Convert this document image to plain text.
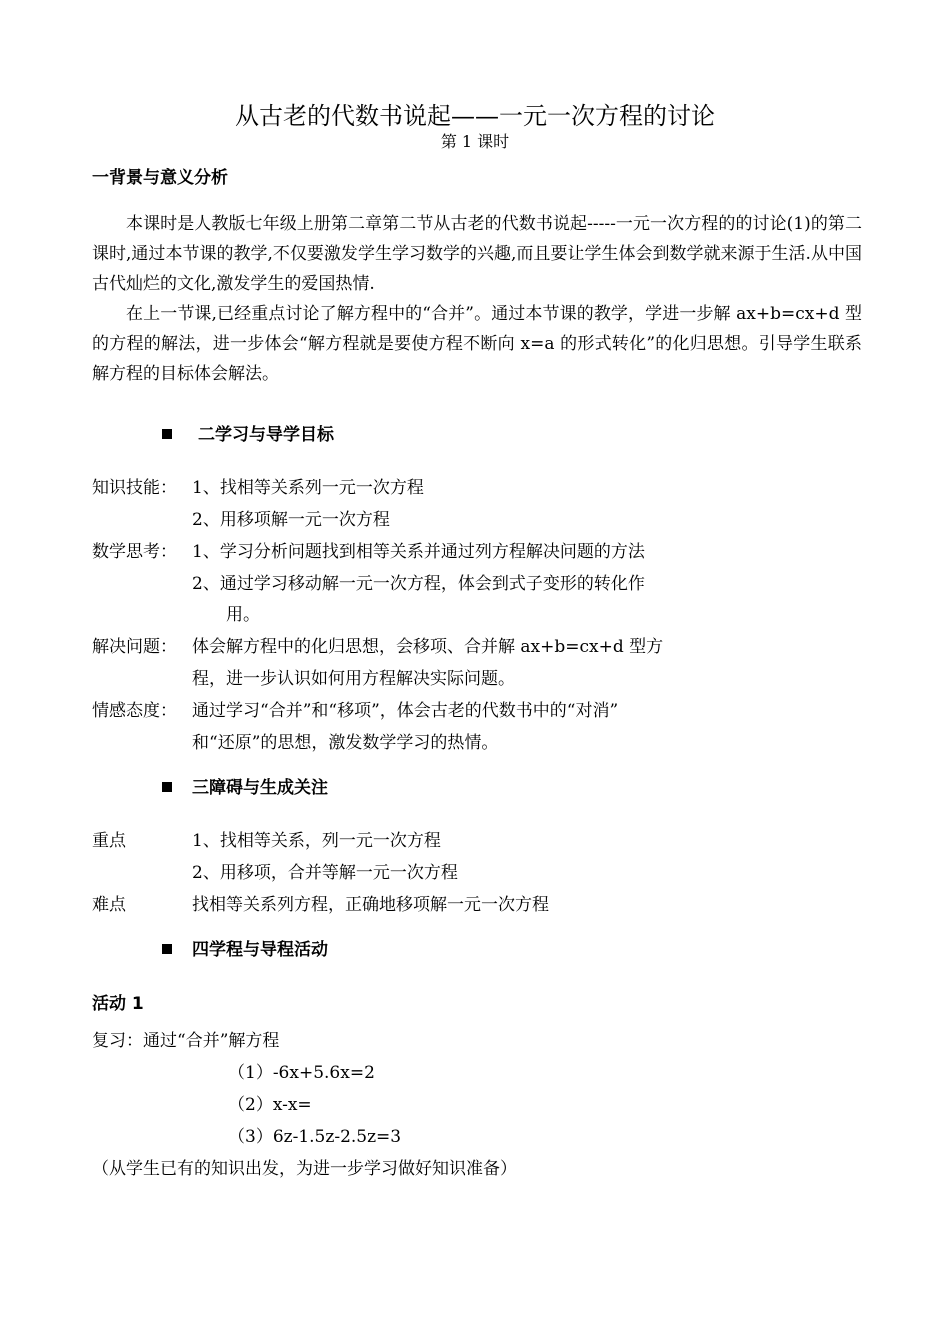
从古老的代数书说起——一元一次方程的讨论
第 1 课时
一背景与意义分析

本课时是人教版七年级上册第二章第二节从古老的代数书说起-----一元一次方程的的讨论(1)的第二课时,通过本节课的教学,不仅要激发学生学习数学的兴趣,而且要让学生体会到数学就来源于生活.从中国古代灿烂的文化,激发学生的爱国热情.

在上一节课,已经重点讨论了解方程中的“合并”。通过本节课的教学，学进一步解 ax+b=cx+d 型的方程的解法，进一步体会“解方程就是要使方程不断向 x=a 的形式转化”的化归思想。引导学生联系解方程的目标体会解法。

二学习与导学目标
知识技能： 1、找相等关系列一元一次方程
2、用移项解一元一次方程
数学思考： 1、学习分析问题找到相等关系并通过列方程解决问题的方法
2、通过学习移动解一元一次方程，体会到式子变形的转化作
用。
解决问题： 体会解方程中的化归思想，会移项、合并解 ax+b=cx+d 型方
程，进一步认识如何用方程解决实际问题。
情感态度： 通过学习“合并”和“移项”，体会古老的代数书中的“对消”
和“还原”的思想，激发数学学习的热情。
三障碍与生成关注
重点	1、找相等关系，列一元一次方程
2、用移项，合并等解一元一次方程
难点	找相等关系列方程，正确地移项解一元一次方程
四学程与导程活动
活动 1
复习：通过“合并”解方程
（1）-6x+5.6x=2
（2）x-x=
（3）6z-1.5z-2.5z=3
（从学生已有的知识出发，为进一步学习做好知识准备）
